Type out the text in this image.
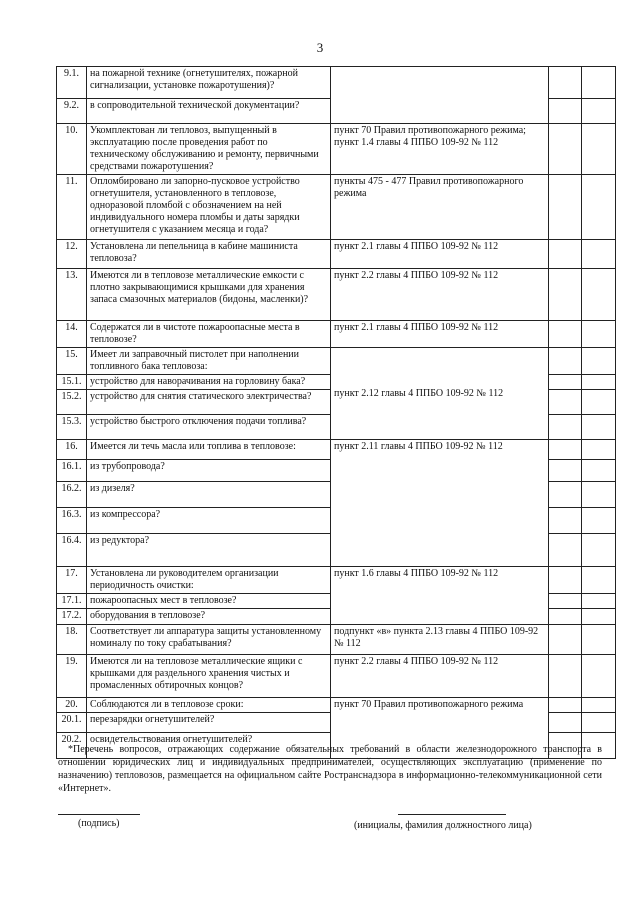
3
9.1.	на пожарной технике (огнетушителях, пожарной сигнализации, установке пожаротушения)?			
9.2.	в сопроводительной технической документации?			
10.	Укомплектован ли тепловоз, выпущенный в эксплуатацию после проведения работ по техническому обслуживанию и ремонту, первичными средствами пожаротушения?	пункт 70 Правил противопожарного режима; пункт 1.4 главы 4 ППБО 109-92 № 112		
11.	Опломбировано ли запорно-пусковое устройство огнетушителя, установленного в тепловозе, одноразовой пломбой с обозначением на ней индивидуального номера пломбы и даты зарядки огнетушителя с указанием месяца и года?	пункты 475 - 477 Правил противопожарного режима		
12.	Установлена ли пепельница в кабине машиниста тепловоза?	пункт 2.1 главы 4 ППБО 109-92 № 112		
13.	Имеются ли в тепловозе металлические емкости с плотно закрывающимися крышками для хранения запаса смазочных материалов (бидоны, масленки)?	пункт 2.2 главы 4 ППБО 109-92 № 112		
14.	Содержатся ли в чистоте пожароопасные места в тепловозе?	пункт 2.1 главы 4 ППБО 109-92 № 112		
15.	Имеет ли заправочный пистолет при наполнении топливного бака тепловоза:	пункт 2.12 главы 4 ППБО 109-92 № 112		
15.1.	устройство для наворачивания на горловину бака?			
15.2.	устройство для снятия статического электричества?			
15.3.	устройство быстрого отключения подачи топлива?			
16.	Имеется ли течь масла или топлива в тепловозе:	пункт 2.11 главы 4 ППБО 109-92 № 112		
16.1.	из трубопровода?			
16.2.	из дизеля?			
16.3.	из компрессора?			
16.4.	из редуктора?			
17.	Установлена ли руководителем организации периодичность очистки:	пункт 1.6 главы 4 ППБО 109-92 № 112		
17.1.	пожароопасных мест в тепловозе?			
17.2.	оборудования в тепловозе?			
18.	Соответствует ли аппаратура защиты установленному номиналу по току срабатывания?	подпункт «в» пункта 2.13 главы 4 ППБО 109-92 № 112		
19.	Имеются ли на тепловозе металлические ящики с крышками для раздельного хранения чистых и промасленных обтирочных концов?	пункт 2.2 главы 4 ППБО 109-92 № 112		
20.	Соблюдаются ли в тепловозе сроки:	пункт 70 Правил противопожарного режима		
20.1.	перезарядки огнетушителей?			
20.2.	освидетельствования огнетушителей?			
*Перечень вопросов, отражающих содержание обязательных требований в области железнодорожного транспорта в отношении юридических лиц и индивидуальных предпринимателей, осуществляющих эксплуатацию (применение по назначению) тепловозов, размещается на официальном сайте Ространснадзора в информационно-телекоммуникационной сети «Интернет».
(подпись)	(инициалы, фамилия должностного лица)
